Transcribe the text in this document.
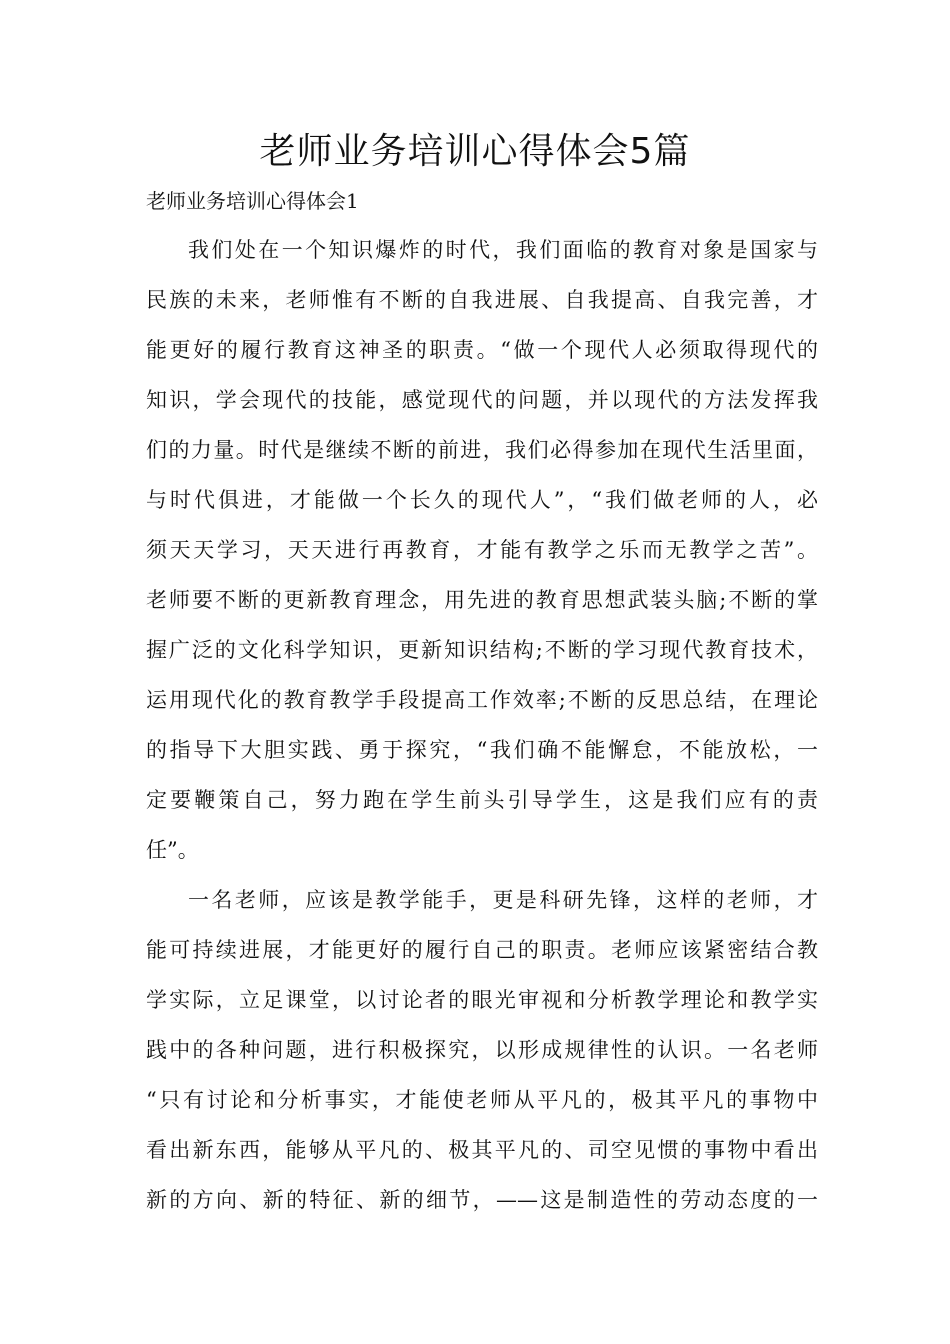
老师业务培训心得体会5篇
老师业务培训心得体会1
我们处在一个知识爆炸的时代，我们面临的教育对象是国家与
民族的未来，老师惟有不断的自我进展、自我提高、自我完善，才
能更好的履行教育这神圣的职责。“做一个现代人必须取得现代的
知识，学会现代的技能，感觉现代的问题，并以现代的方法发挥我
们的力量。时代是继续不断的前进，我们必得参加在现代生活里面，
与时代俱进，才能做一个长久的现代人”，“我们做老师的人，必
须天天学习，天天进行再教育，才能有教学之乐而无教学之苦”。
老师要不断的更新教育理念，用先进的教育思想武装头脑;不断的掌
握广泛的文化科学知识，更新知识结构;不断的学习现代教育技术，
运用现代化的教育教学手段提高工作效率;不断的反思总结，在理论
的指导下大胆实践、勇于探究，“我们确不能懈怠，不能放松，一
定要鞭策自己，努力跑在学生前头引导学生，这是我们应有的责
任”。
一名老师，应该是教学能手，更是科研先锋，这样的老师，才
能可持续进展，才能更好的履行自己的职责。老师应该紧密结合教
学实际，立足课堂，以讨论者的眼光审视和分析教学理论和教学实
践中的各种问题，进行积极探究，以形成规律性的认识。一名老师
“只有讨论和分析事实，才能使老师从平凡的，极其平凡的事物中
看出新东西，能够从平凡的、极其平凡的、司空见惯的事物中看出
新的方向、新的特征、新的细节，——这是制造性的劳动态度的一
